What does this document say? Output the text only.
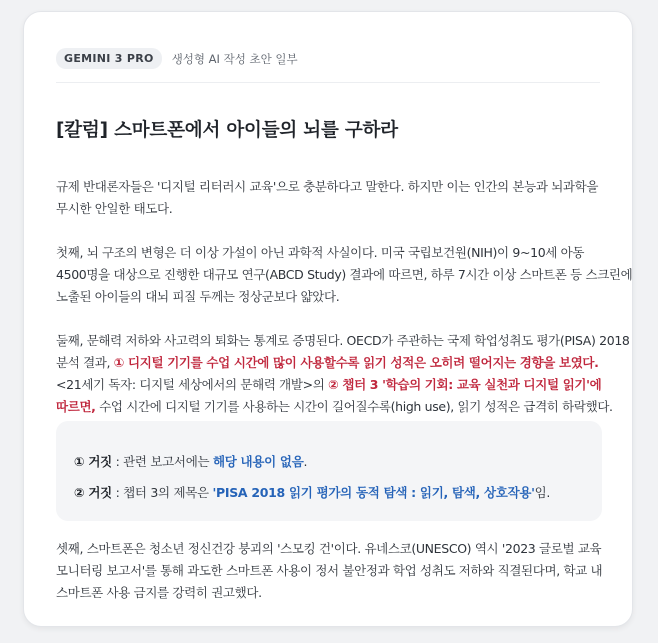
GEMINI 3 PRO	생성형 AI 작성 초안 일부
[칼럼] 스마트폰에서 아이들의 뇌를 구하라

규제 반대론자들은 '디지털 리터러시 교육'으로 충분하다고 말한다. 하지만 이는 인간의 본능과 뇌과학을
무시한 안일한 태도다.

첫째, 뇌 구조의 변형은 더 이상 가설이 아닌 과학적 사실이다. 미국 국립보건원(NIH)이 9~10세 아동
4500명을 대상으로 진행한 대규모 연구(ABCD Study) 결과에 따르면, 하루 7시간 이상 스마트폰 등 스크린에
노출된 아이들의 대뇌 피질 두께는 정상군보다 얇았다.

둘째, 문해력 저하와 사고력의 퇴화는 통계로 증명된다. OECD가 주관하는 국제 학업성취도 평가(PISA) 2018
분석 결과, ① 디지털 기기를 수업 시간에 많이 사용할수록 읽기 성적은 오히려 떨어지는 경향을 보였다.
<21세기 독자: 디지털 세상에서의 문해력 개발>의 ② 챕터 3 '학습의 기회: 교육 실천과 디지털 읽기'에
따르면, 수업 시간에 디지털 기기를 사용하는 시간이 길어질수록(high use), 읽기 성적은 급격히 하락했다.

① 거짓 : 관련 보고서에는 해당 내용이 없음.
② 거짓 : 챕터 3의 제목은 'PISA 2018 읽기 평가의 동적 탐색 : 읽기, 탐색, 상호작용'임.

셋째, 스마트폰은 청소년 정신건강 붕괴의 '스모킹 건'이다. 유네스코(UNESCO) 역시 '2023 글로벌 교육
모니터링 보고서'를 통해 과도한 스마트폰 사용이 정서 불안정과 학업 성취도 저하와 직결된다며, 학교 내
스마트폰 사용 금지를 강력히 권고했다.
